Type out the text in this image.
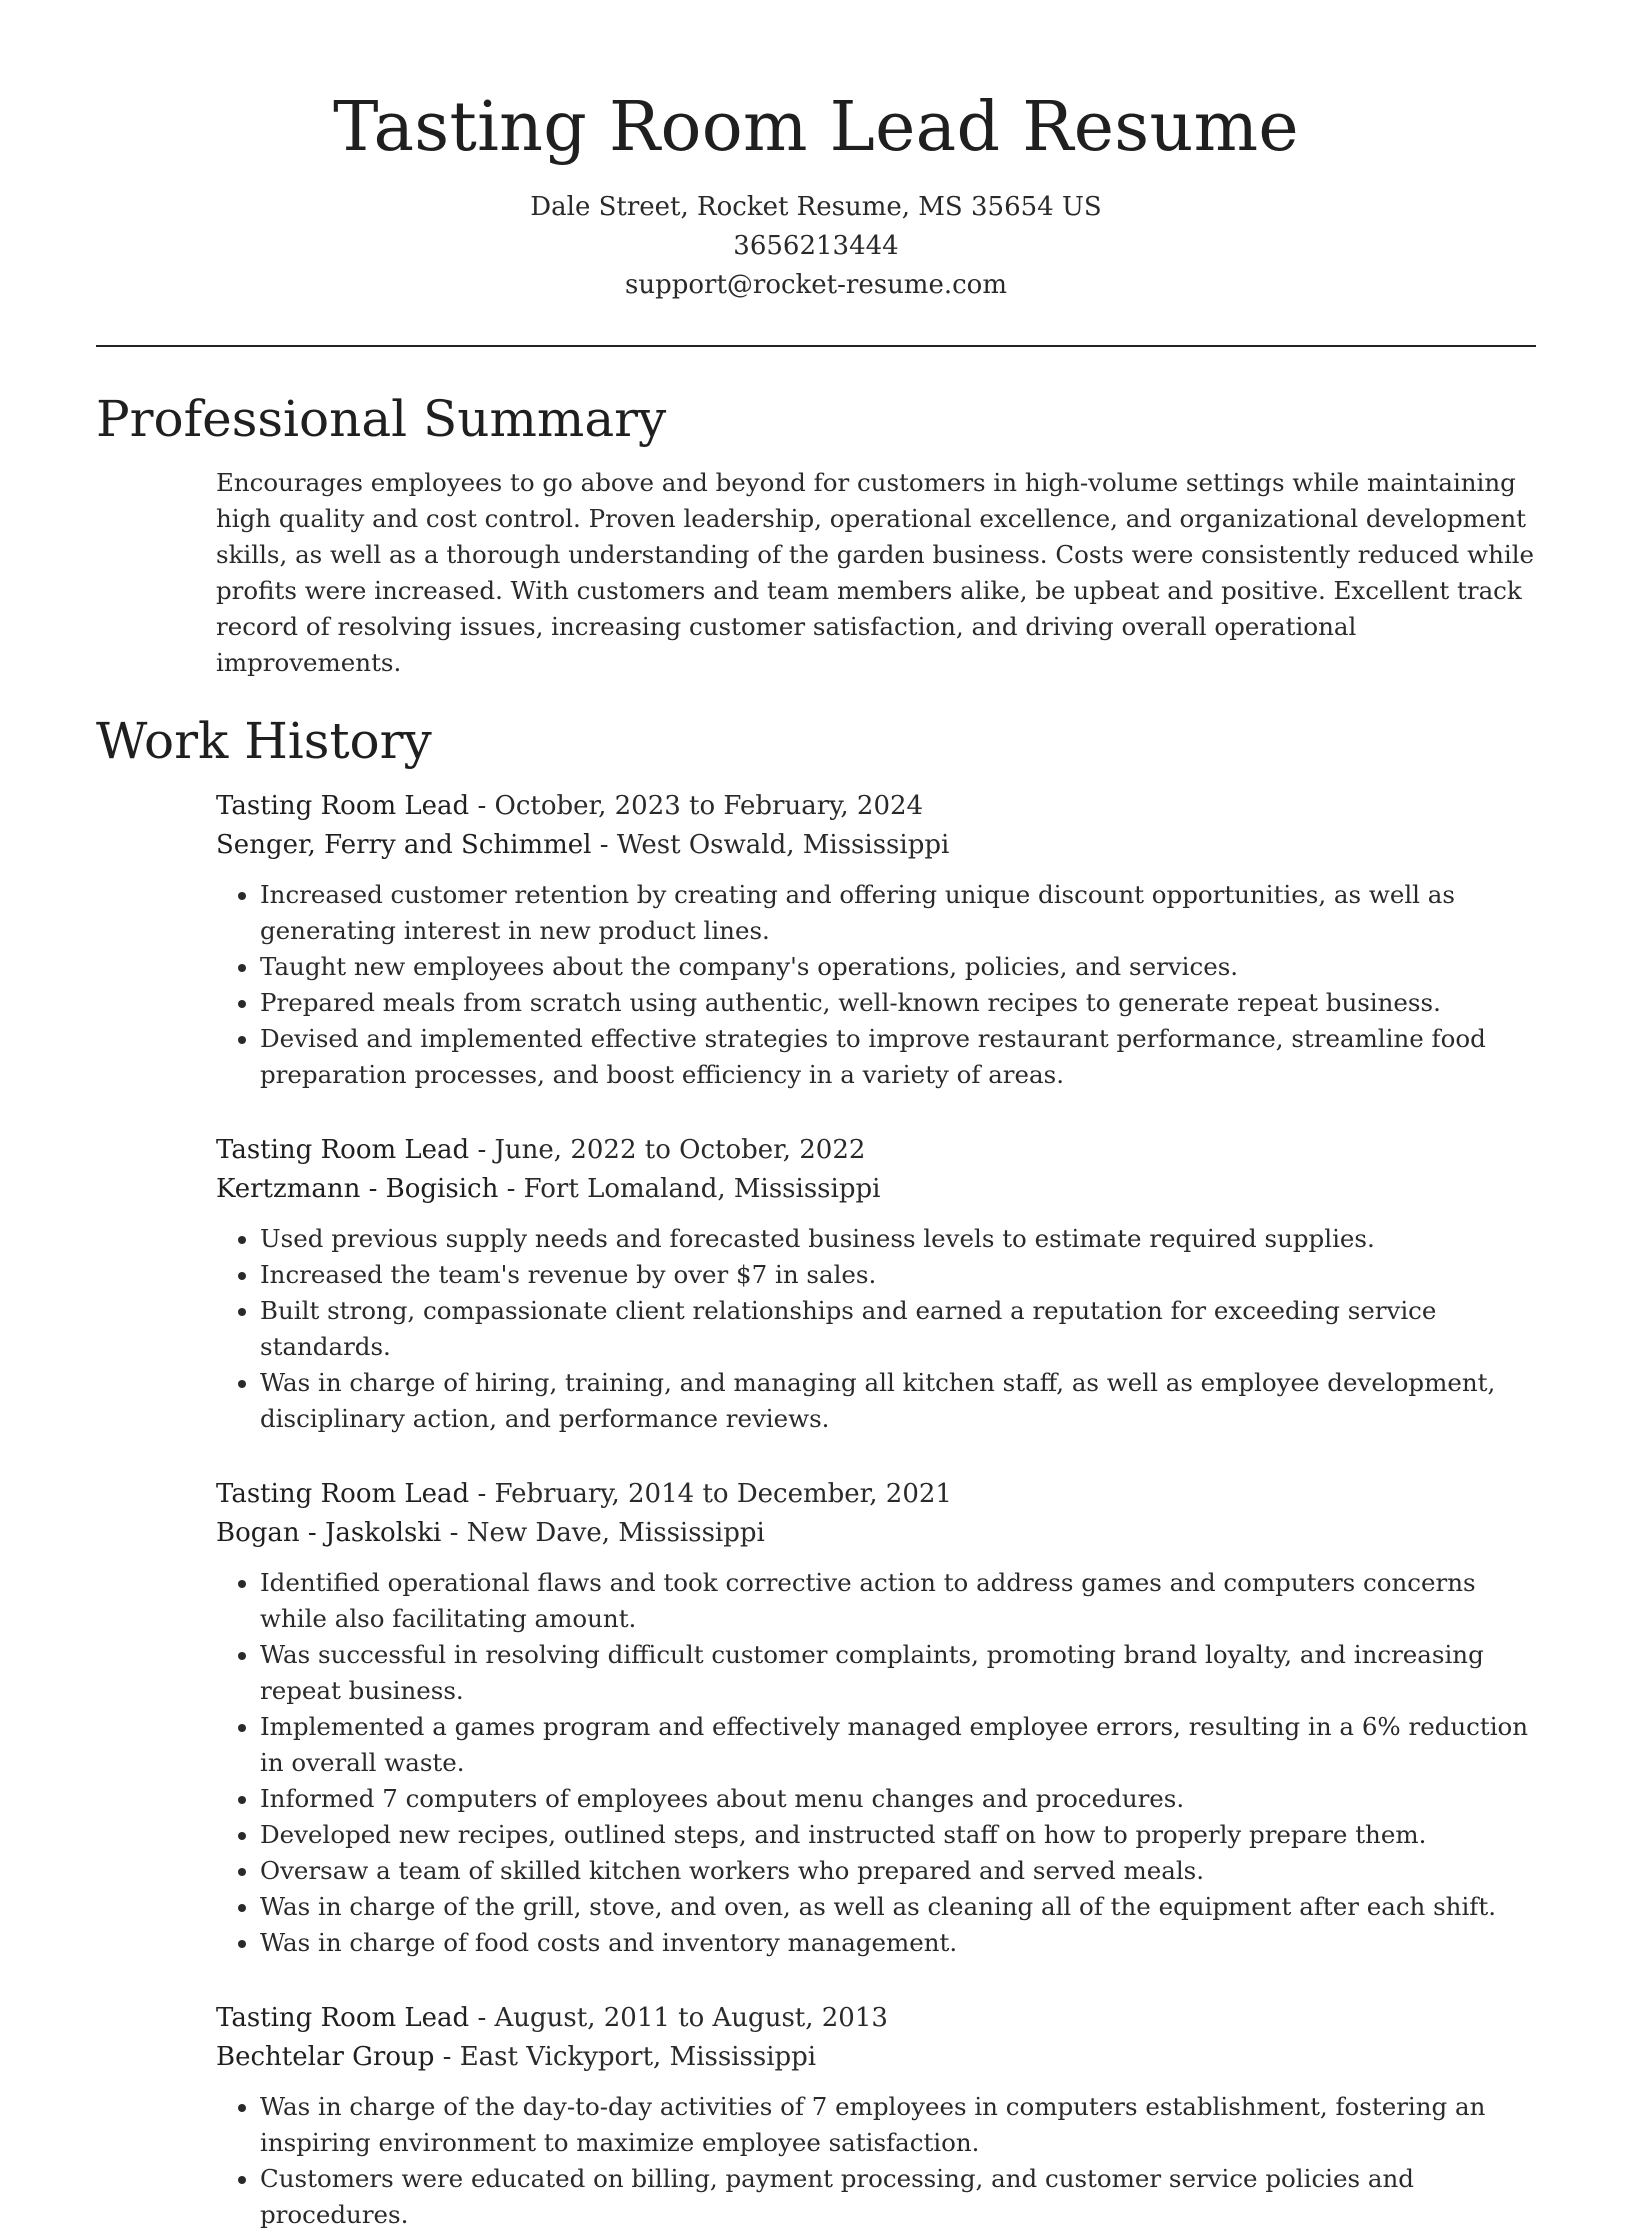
Tasting Room Lead Resume
Dale Street, Rocket Resume, MS 35654 US
3656213444
support@rocket-resume.com
Professional Summary

Encourages employees to go above and beyond for customers in high-volume settings while maintaining high quality and cost control. Proven leadership, operational excellence, and organizational development skills, as well as a thorough understanding of the garden business. Costs were consistently reduced while profits were increased. With customers and team members alike, be upbeat and positive. Excellent track record of resolving issues, increasing customer satisfaction, and driving overall operational improvements.

Work History
Tasting Room Lead - October, 2023 to February, 2024
Senger, Ferry and Schimmel - West Oswald, Mississippi
• Increased customer retention by creating and offering unique discount opportunities, as well as generating interest in new product lines.
• Taught new employees about the company's operations, policies, and services.
• Prepared meals from scratch using authentic, well-known recipes to generate repeat business.
• Devised and implemented effective strategies to improve restaurant performance, streamline food preparation processes, and boost efficiency in a variety of areas.
Tasting Room Lead - June, 2022 to October, 2022
Kertzmann - Bogisich - Fort Lomaland, Mississippi
• Used previous supply needs and forecasted business levels to estimate required supplies.
• Increased the team's revenue by over $7 in sales.
• Built strong, compassionate client relationships and earned a reputation for exceeding service standards.
• Was in charge of hiring, training, and managing all kitchen staff, as well as employee development, disciplinary action, and performance reviews.
Tasting Room Lead - February, 2014 to December, 2021
Bogan - Jaskolski - New Dave, Mississippi
• Identified operational flaws and took corrective action to address games and computers concerns while also facilitating amount.
• Was successful in resolving difficult customer complaints, promoting brand loyalty, and increasing repeat business.
• Implemented a games program and effectively managed employee errors, resulting in a 6% reduction in overall waste.
• Informed 7 computers of employees about menu changes and procedures.
• Developed new recipes, outlined steps, and instructed staff on how to properly prepare them.
• Oversaw a team of skilled kitchen workers who prepared and served meals.
• Was in charge of the grill, stove, and oven, as well as cleaning all of the equipment after each shift.
• Was in charge of food costs and inventory management.
Tasting Room Lead - August, 2011 to August, 2013
Bechtelar Group - East Vickyport, Mississippi
• Was in charge of the day-to-day activities of 7 employees in computers establishment, fostering an inspiring environment to maximize employee satisfaction.
• Customers were educated on billing, payment processing, and customer service policies and procedures.
